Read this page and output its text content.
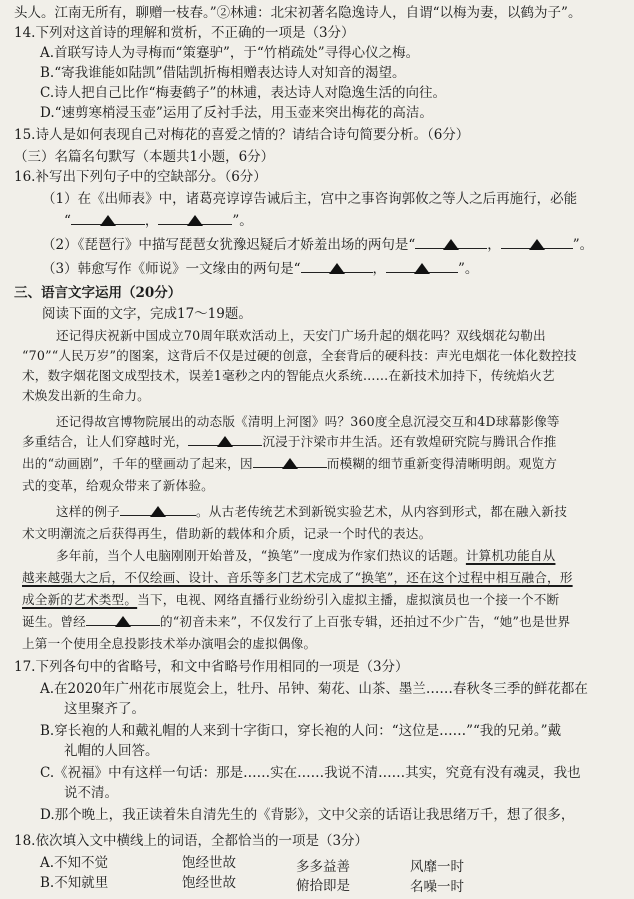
头人。江南无所有，聊赠一枝春。”②林逋：北宋初著名隐逸诗人，自谓“以梅为妻，以鹤为子”。

14.下列对这首诗的理解和赏析，不正确的一项是（3分）

A.首联写诗人为寻梅而“策蹇驴”，于“竹梢疏处”寻得心仪之梅。

B.“寄我谁能如陆凯”借陆凯折梅相赠表达诗人对知音的渴望。

C.诗人把自己比作“梅妻鹤子”的林逋，表达诗人对隐逸生活的向往。

D.“速剪寒梢浸玉壶”运用了反衬手法，用玉壶来突出梅花的高洁。

15.诗人是如何表现自己对梅花的喜爱之情的？请结合诗句简要分析。（6分）

（三）名篇名句默写（本题共1小题，6分）

16.补写出下列句子中的空缺部分。（6分）

（1）在《出师表》中，诸葛亮谆谆告诫后主，宫中之事咨询郭攸之等人之后再施行，必能

“	，	”。

（2）《琵琶行》中描写琵琶女犹豫迟疑后才娇羞出场的两句是“	，	”。

（3）韩愈写作《师说》一文缘由的两句是“	，	”。

三、语言文字运用（20分）

阅读下面的文字，完成17～19题。

还记得庆祝新中国成立70周年联欢活动上，天安门广场升起的烟花吗？双线烟花勾勒出

“70”“人民万岁”的图案，这背后不仅是过硬的创意，全套背后的硬科技：声光电烟花一体化数控技

术，数字烟花图文成型技术，误差1毫秒之内的智能点火系统……在新技术加持下，传统焰火艺

术焕发出新的生命力。

还记得故宫博物院展出的动态版《清明上河图》吗？360度全息沉浸交互和4D球幕影像等

多重结合，让人们穿越时光，	沉浸于汴梁市井生活。还有敦煌研究院与腾讯合作推

出的“动画剧”，千年的壁画动了起来，因	而模糊的细节重新变得清晰明朗。观览方

式的变革，给观众带来了新体验。

这样的例子	。从古老传统艺术到新锐实验艺术，从内容到形式，都在融入新技

术文明潮流之后获得再生，借助新的载体和介质，记录一个时代的表达。

多年前，当个人电脑刚刚开始普及，“换笔”一度成为作家们热议的话题。计算机功能自从

越来越强大之后，不仅绘画、设计、音乐等多门艺术完成了“换笔”，还在这个过程中相互融合，形

成全新的艺术类型。当下，电视、网络直播行业纷纷引入虚拟主播，虚拟演员也一个接一个不断

诞生。曾经	的“初音未来”，不仅发行了上百张专辑，还拍过不少广告，“她”也是世界

上第一个使用全息投影技术举办演唱会的虚拟偶像。

17.下列各句中的省略号，和文中省略号作用相同的一项是（3分）

A.在2020年广州花市展览会上，牡丹、吊钟、菊花、山茶、墨兰……春秋冬三季的鲜花都在

这里聚齐了。

B.穿长袍的人和戴礼帽的人来到十字街口，穿长袍的人问：“这位是……”“我的兄弟。”戴

礼帽的人回答。

C.《祝福》中有这样一句话：那是……实在……我说不清……其实，究竟有没有魂灵，我也

说不清。

D.那个晚上，我正读着朱自清先生的《背影》，文中父亲的话语让我思绪万千，想了很多，

18.依次填入文中横线上的词语，全都恰当的一项是（3分）

A.不知不觉	饱经世故	多多益善	风靡一时
B.不知就里	饱经世故	俯拾即是	名噪一时
